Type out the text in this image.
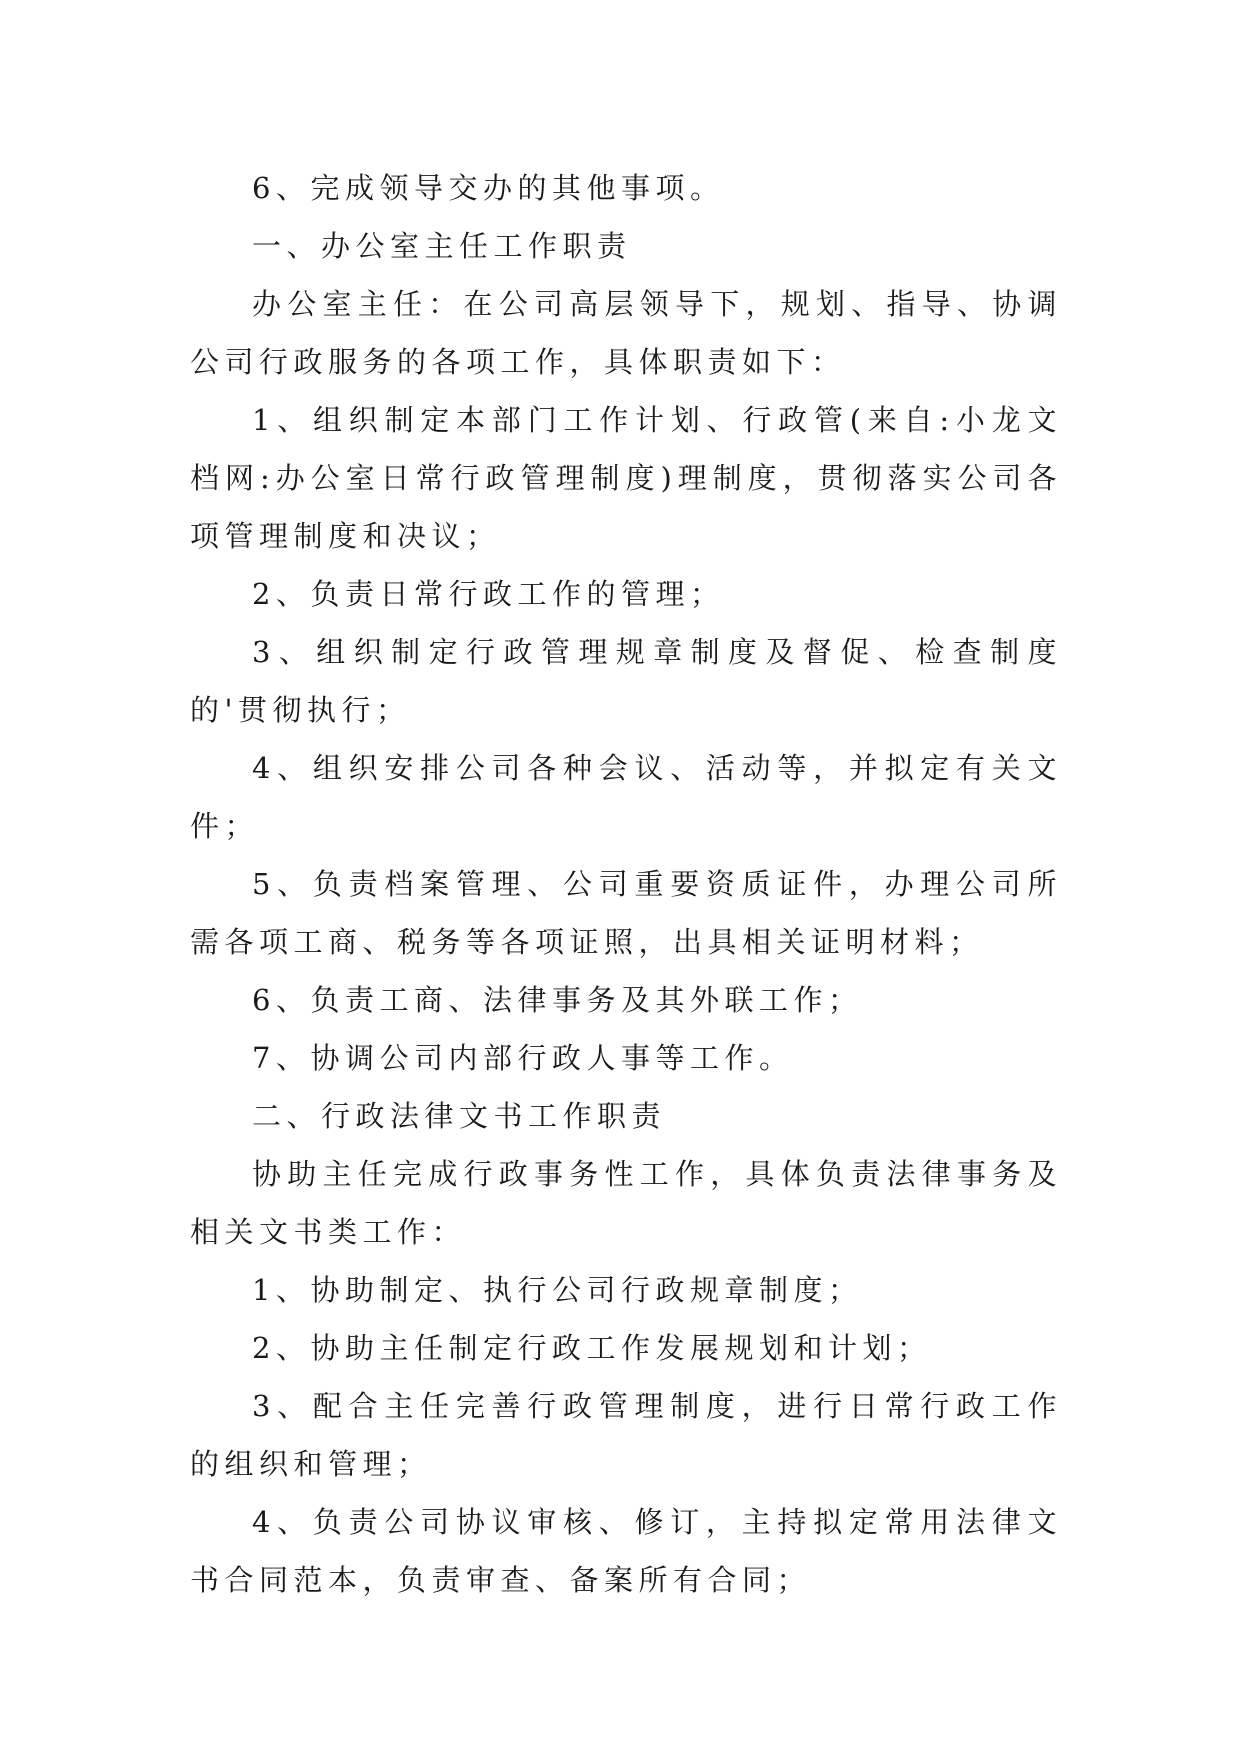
6、完成领导交办的其他事项。

一、办公室主任工作职责

办公室主任：在公司高层领导下，规划、指导、协调公司行政服务的各项工作，具体职责如下：

1、组织制定本部门工作计划、行政管(来自:小龙文档网:办公室日常行政管理制度)理制度，贯彻落实公司各项管理制度和决议；

2、负责日常行政工作的管理；

3、组织制定行政管理规章制度及督促、检查制度的'贯彻执行；

4、组织安排公司各种会议、活动等，并拟定有关文件；

5、负责档案管理、公司重要资质证件，办理公司所需各项工商、税务等各项证照，出具相关证明材料；

6、负责工商、法律事务及其外联工作；

7、协调公司内部行政人事等工作。

二、行政法律文书工作职责

协助主任完成行政事务性工作，具体负责法律事务及相关文书类工作：

1、协助制定、执行公司行政规章制度；

2、协助主任制定行政工作发展规划和计划；

3、配合主任完善行政管理制度，进行日常行政工作的组织和管理；

4、负责公司协议审核、修订，主持拟定常用法律文书合同范本，负责审查、备案所有合同；
